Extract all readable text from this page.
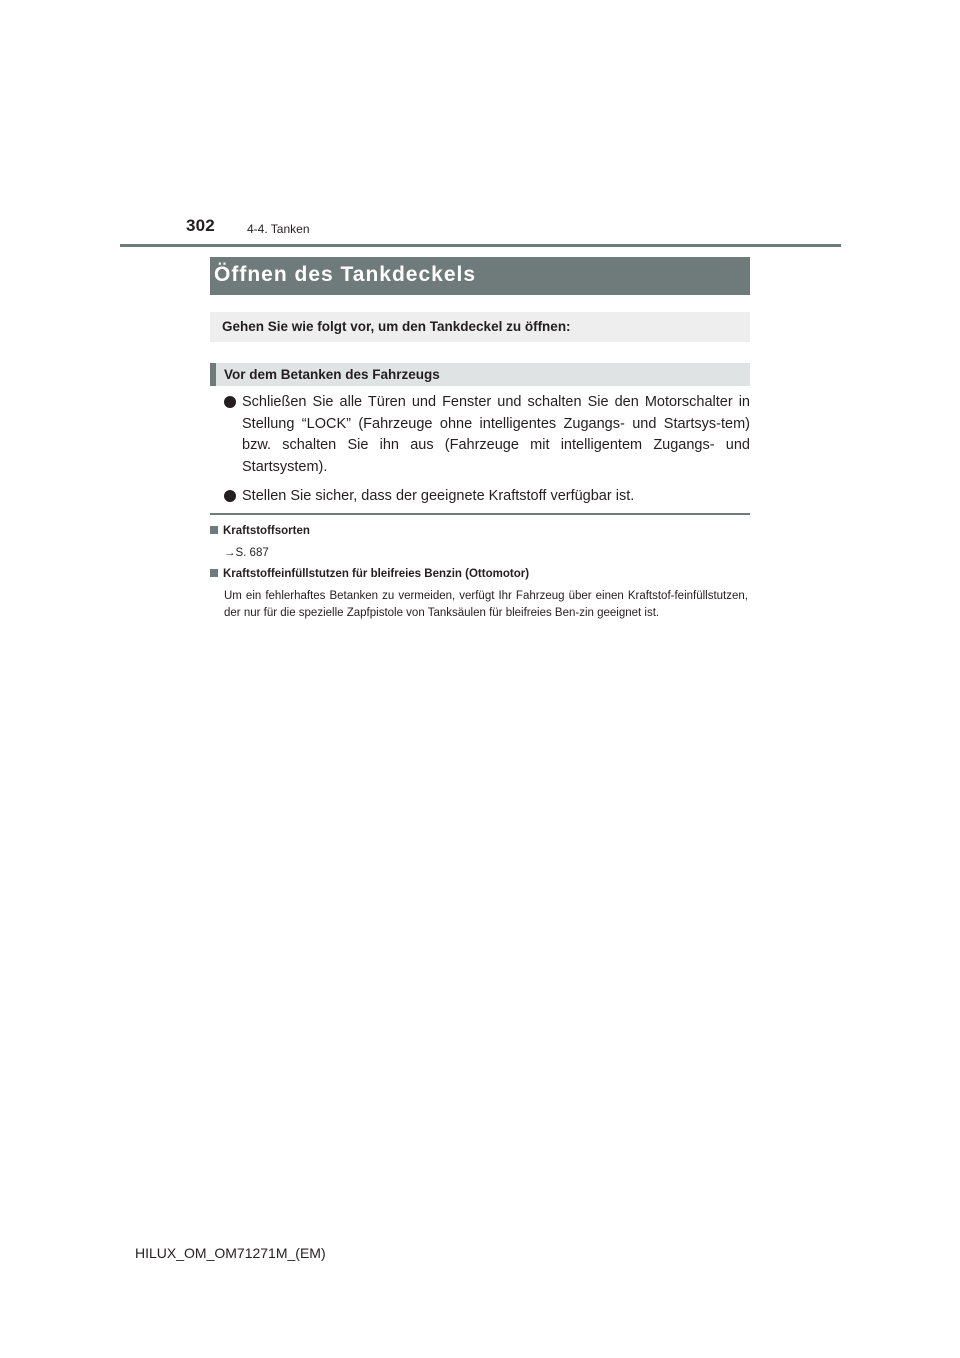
302	4-4. Tanken
Öffnen des Tankdeckels
Gehen Sie wie folgt vor, um den Tankdeckel zu öffnen:
Vor dem Betanken des Fahrzeugs
Schließen Sie alle Türen und Fenster und schalten Sie den Motorschalter in Stellung “LOCK” (Fahrzeuge ohne intelligentes Zugangs- und Startsys-tem) bzw. schalten Sie ihn aus (Fahrzeuge mit intelligentem Zugangs- und Startsystem).
Stellen Sie sicher, dass der geeignete Kraftstoff verfügbar ist.
Kraftstoffsorten
→S. 687
Kraftstoffeinfüllstutzen für bleifreies Benzin (Ottomotor)
Um ein fehlerhaftes Betanken zu vermeiden, verfügt Ihr Fahrzeug über einen Kraftstof-feinfüllstutzen, der nur für die spezielle Zapfpistole von Tanksäulen für bleifreies Ben-zin geeignet ist.
HILUX_OM_OM71271M_(EM)
